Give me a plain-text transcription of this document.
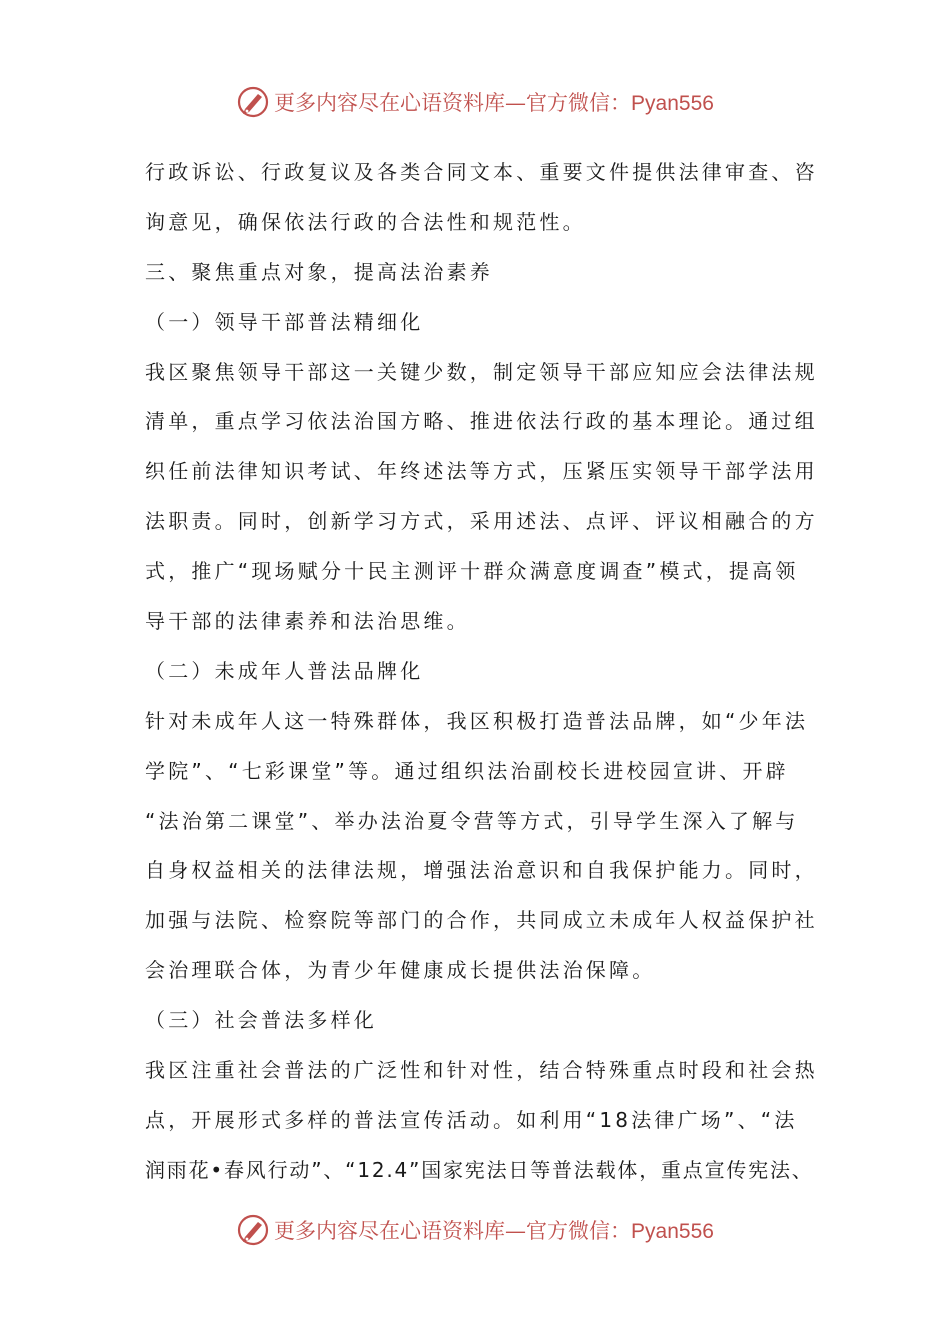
更多内容尽在心语资料库—官方微信：Pyan556
行政诉讼、行政复议及各类合同文本、重要文件提供法律审查、咨
询意见，确保依法行政的合法性和规范性。
三、聚焦重点对象，提高法治素养
（一）领导干部普法精细化
我区聚焦领导干部这一关键少数，制定领导干部应知应会法律法规
清单，重点学习依法治国方略、推进依法行政的基本理论。通过组
织任前法律知识考试、年终述法等方式，压紧压实领导干部学法用
法职责。同时，创新学习方式，采用述法、点评、评议相融合的方
式，推广“现场赋分十民主测评十群众满意度调查”模式，提高领
导干部的法律素养和法治思维。
（二）未成年人普法品牌化
针对未成年人这一特殊群体，我区积极打造普法品牌，如“少年法
学院”、“七彩课堂”等。通过组织法治副校长进校园宣讲、开辟
“法治第二课堂”、举办法治夏令营等方式，引导学生深入了解与
自身权益相关的法律法规，增强法治意识和自我保护能力。同时，
加强与法院、检察院等部门的合作，共同成立未成年人权益保护社
会治理联合体，为青少年健康成长提供法治保障。
（三）社会普法多样化
我区注重社会普法的广泛性和针对性，结合特殊重点时段和社会热
点，开展形式多样的普法宣传活动。如利用“18法律广场”、“法
润雨花•春风行动”、“12.4”国家宪法日等普法载体，重点宣传宪法、
更多内容尽在心语资料库—官方微信：Pyan556
